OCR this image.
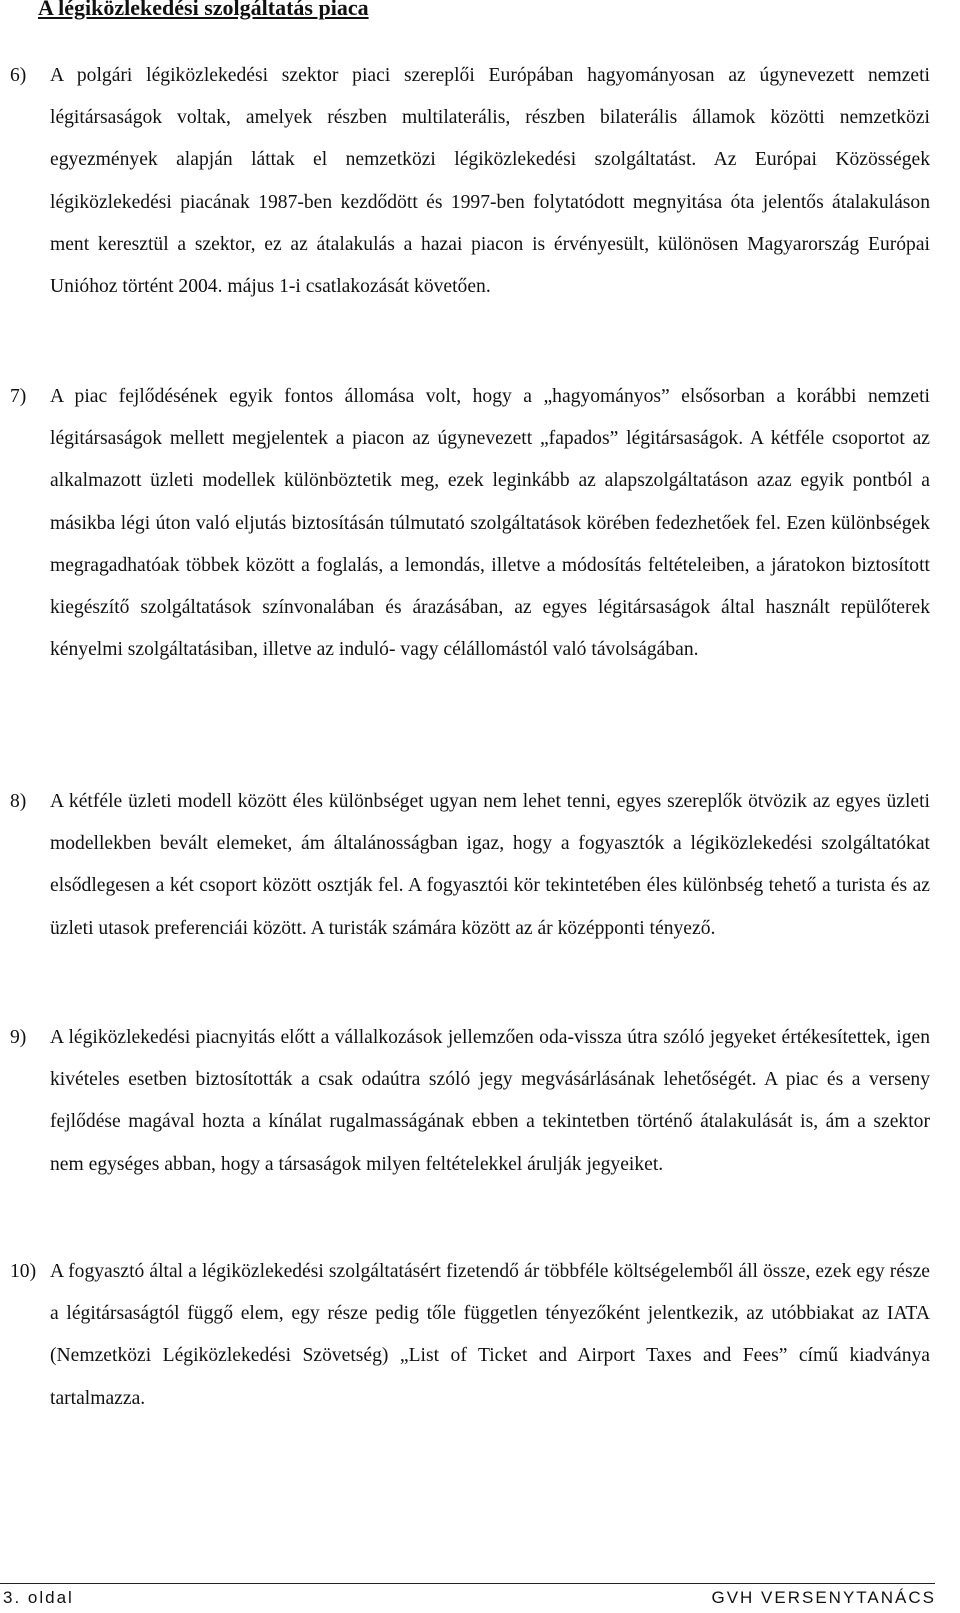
A légiközlekedési szolgáltatás piaca
6) A polgári légiközlekedési szektor piaci szereplői Európában hagyományosan az úgynevezett nemzeti légitársaságok voltak, amelyek részben multilaterális, részben bilaterális államok közötti nemzetközi egyezmények alapján láttak el nemzetközi légiközlekedési szolgáltatást. Az Európai Közösségek légiközlekedési piacának 1987-ben kezdődött és 1997-ben folytatódott megnyitása óta jelentős átalakuláson ment keresztül a szektor, ez az átalakulás a hazai piacon is érvényesült, különösen Magyarország Európai Unióhoz történt 2004. május 1-i csatlakozását követően.

7) A piac fejlődésének egyik fontos állomása volt, hogy a „hagyományos” elsősorban a korábbi nemzeti légitársaságok mellett megjelentek a piacon az úgynevezett „fapados” légitársaságok. A kétféle csoportot az alkalmazott üzleti modellek különböztetik meg, ezek leginkább az alapszolgáltatáson azaz egyik pontból a másikba légi úton való eljutás biztosításán túlmutató szolgáltatások körében fedezhetőek fel. Ezen különbségek megragadhatóak többek között a foglalás, a lemondás, illetve a módosítás feltételeiben, a járatokon biztosított kiegészítő szolgáltatások színvonalában és árazásában, az egyes légitársaságok által használt repülőterek kényelmi szolgáltatásiban, illetve az induló- vagy célállomástól való távolságában.

8) A kétféle üzleti modell között éles különbséget ugyan nem lehet tenni, egyes szereplők ötvözik az egyes üzleti modellekben bevált elemeket, ám általánosságban igaz, hogy a fogyasztók a légiközlekedési szolgáltatókat elsődlegesen a két csoport között osztják fel. A fogyasztói kör tekintetében éles különbség tehető a turista és az üzleti utasok preferenciái között. A turisták számára között az ár középponti tényező.

9) A légiközlekedési piacnyitás előtt a vállalkozások jellemzően oda-vissza útra szóló jegyeket értékesítettek, igen kivételes esetben biztosították a csak odaútra szóló jegy megvásárlásának lehetőségét. A piac és a verseny fejlődése magával hozta a kínálat rugalmasságának ebben a tekintetben történő átalakulását is, ám a szektor nem egységes abban, hogy a társaságok milyen feltételekkel árulják jegyeiket.

10) A fogyasztó által a légiközlekedési szolgáltatásért fizetendő ár többféle költségelemből áll össze, ezek egy része a légitársaságtól függő elem, egy része pedig tőle független tényezőként jelentkezik, az utóbbiakat az IATA (Nemzetközi Légiközlekedési Szövetség) „List of Ticket and Airport Taxes and Fees” című kiadványa tartalmazza.

3. oldal	GVH VERSENYTANÁCS
